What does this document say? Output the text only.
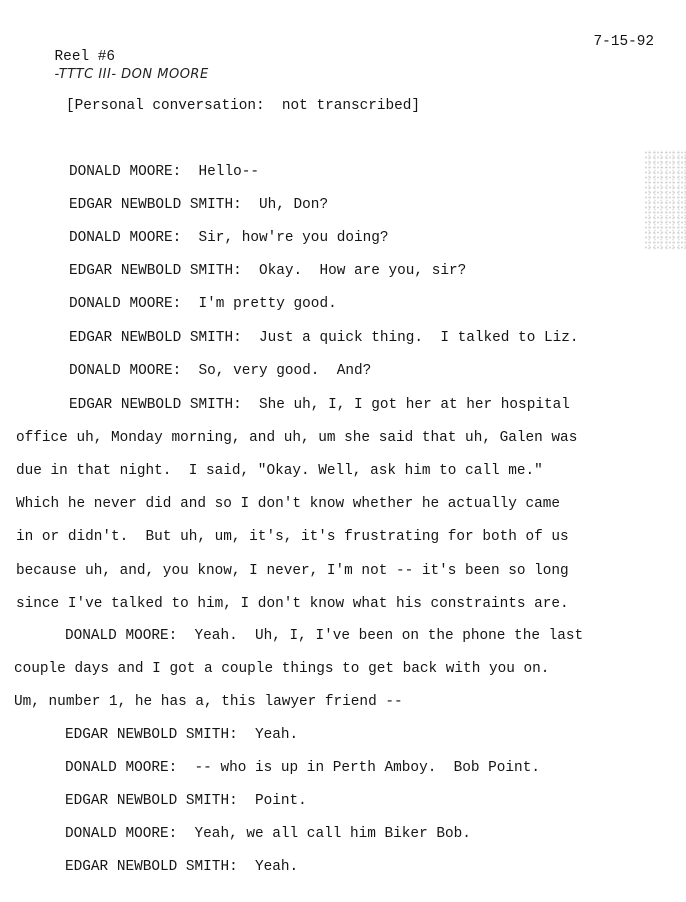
Reel #6
-TTTC III- DON MOORE

7-15-92
[Personal conversation:  not transcribed]
DONALD MOORE:  Hello--
EDGAR NEWBOLD SMITH:  Uh, Don?
DONALD MOORE:  Sir, how're you doing?
EDGAR NEWBOLD SMITH:  Okay.  How are you, sir?
DONALD MOORE:  I'm pretty good.
EDGAR NEWBOLD SMITH:  Just a quick thing.  I talked to Liz.
DONALD MOORE:  So, very good.  And?
EDGAR NEWBOLD SMITH:  She uh, I, I got her at her hospital
office uh, Monday morning, and uh, um she said that uh, Galen was
due in that night.  I said, "Okay. Well, ask him to call me."
Which he never did and so I don't know whether he actually came
in or didn't.  But uh, um, it's, it's frustrating for both of us
because uh, and, you know, I never, I'm not -- it's been so long
since I've talked to him, I don't know what his constraints are.
DONALD MOORE:  Yeah.  Uh, I, I've been on the phone the last
couple days and I got a couple things to get back with you on.
Um, number 1, he has a, this lawyer friend --
EDGAR NEWBOLD SMITH:  Yeah.
DONALD MOORE:  -- who is up in Perth Amboy.  Bob Point.
EDGAR NEWBOLD SMITH:  Point.
DONALD MOORE:  Yeah, we all call him Biker Bob.
EDGAR NEWBOLD SMITH:  Yeah.
